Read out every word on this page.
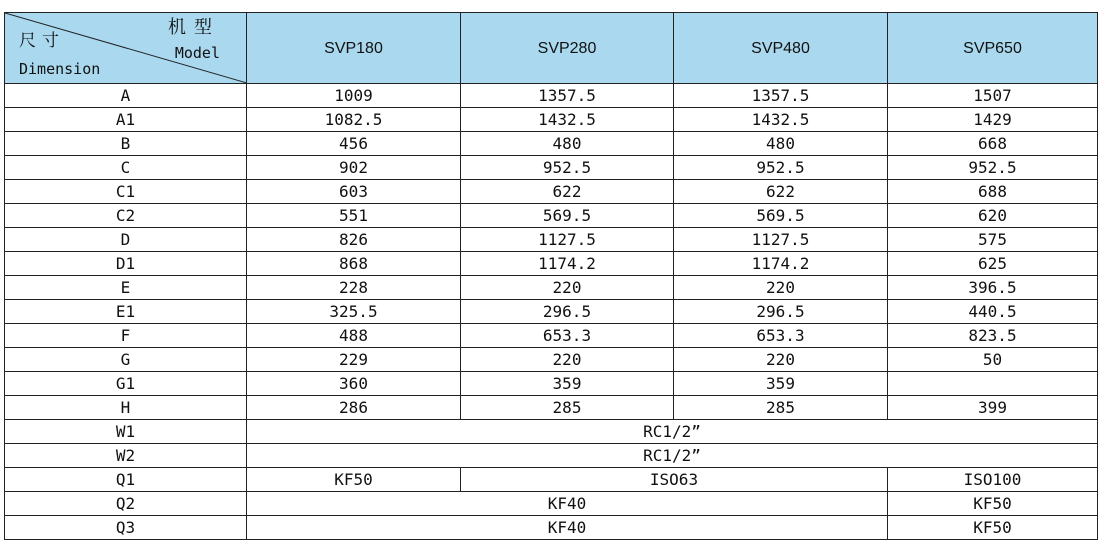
机型
Model
尺寸
Dimension	SVP180	SVP280	SVP480	SVP650
A	1009	1357.5	1357.5	1507
A1	1082.5	1432.5	1432.5	1429
B	456	480	480	668
C	902	952.5	952.5	952.5
C1	603	622	622	688
C2	551	569.5	569.5	620
D	826	1127.5	1127.5	575
D1	868	1174.2	1174.2	625
E	228	220	220	396.5
E1	325.5	296.5	296.5	440.5
F	488	653.3	653.3	823.5
G	229	220	220	50
G1	360	359	359	
H	286	285	285	399
W1	RC1/2”			
W2	RC1/2”			
Q1	KF50	ISO63		ISO100
Q2	KF40			KF50
Q3	KF40			KF50
